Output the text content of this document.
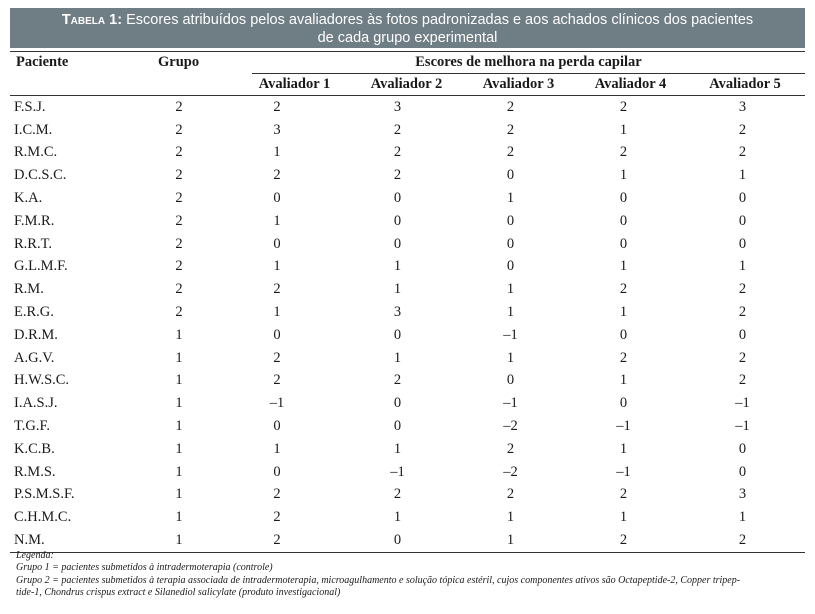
Tabela 1: Escores atribuídos pelos avaliadores às fotos padronizadas e aos achados clínicos dos pacientes
de cada grupo experimental
Paciente	Grupo	Escores de melhora na perda capilar
Avaliador 1	Avaliador 2	Avaliador 3	Avaliador 4	Avaliador 5
F.S.J.	2	2	3	2	2	3
I.C.M.	2	3	2	2	1	2
R.M.C.	2	1	2	2	2	2
D.C.S.C.	2	2	2	0	1	1
K.A.	2	0	0	1	0	0
F.M.R.	2	1	0	0	0	0
R.R.T.	2	0	0	0	0	0
G.L.M.F.	2	1	1	0	1	1
R.M.	2	2	1	1	2	2
E.R.G.	2	1	3	1	1	2
D.R.M.	1	0	0	–1	0	0
A.G.V.	1	2	1	1	2	2
H.W.S.C.	1	2	2	0	1	2
I.A.S.J.	1	–1	0	–1	0	–1
T.G.F.	1	0	0	–2	–1	–1
K.C.B.	1	1	1	2	1	0
R.M.S.	1	0	–1	–2	–1	0
P.S.M.S.F.	1	2	2	2	2	3
C.H.M.C.	1	2	1	1	1	1
N.M.	1	2	0	1	2	2

Legenda:

Grupo 1 = pacientes submetidos à intradermoterapia (controle)

Grupo 2 = pacientes submetidos à terapia associada de intradermoterapia, microagulhamento e solução tópica estéril, cujos componentes ativos são Octapeptide-2, Copper tripep-

tide-1, Chondrus crispus extract e Silanediol salicylate (produto investigacional)
